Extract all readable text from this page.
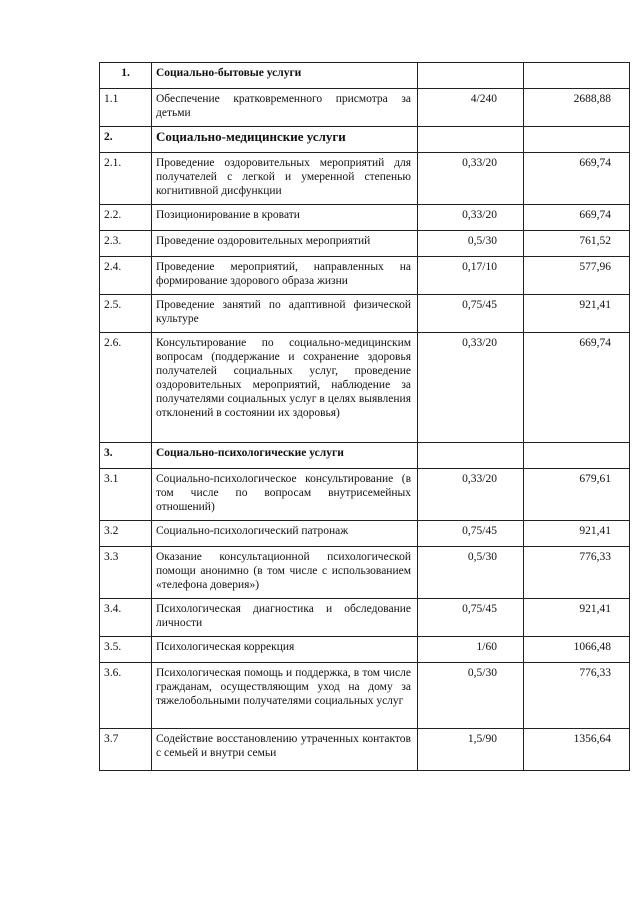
1.	Социально-бытовые услуги		
1.1	Обеспечение кратковременного присмотра за детьми	4/240	2688,88
2.	Социально-медицинские услуги		
2.1.	Проведение оздоровительных мероприятий для получателей с легкой и умеренной степенью когнитивной дисфункции	0,33/20	669,74
2.2.	Позиционирование в кровати	0,33/20	669,74
2.3.	Проведение оздоровительных мероприятий	0,5/30	761,52
2.4.	Проведение мероприятий, направленных на формирование здорового образа жизни	0,17/10	577,96
2.5.	Проведение занятий по адаптивной физической культуре	0,75/45	921,41
2.6.	Консультирование по социально-медицинским вопросам (поддержание и сохранение здоровья получателей социальных услуг, проведение оздоровительных мероприятий, наблюдение за получателями социальных услуг в целях выявления отклонений в состоянии их здоровья)	0,33/20	669,74
3.	Социально-психологические услуги		
3.1	Социально-психологическое консультирование (в том числе по вопросам внутрисемейных отношений)	0,33/20	679,61
3.2	Социально-психологический патронаж	0,75/45	921,41
3.3	Оказание консультационной психологической помощи анонимно (в том числе с использованием «телефона доверия»)	0,5/30	776,33
3.4.	Психологическая диагностика и обследование личности	0,75/45	921,41
3.5.	Психологическая коррекция	1/60	1066,48
3.6.	Психологическая помощь и поддержка, в том числе гражданам, осуществляющим уход на дому за тяжелобольными получателями социальных услуг	0,5/30	776,33
3.7	Содействие восстановлению утраченных контактов с семьей и внутри семьи	1,5/90	1356,64
